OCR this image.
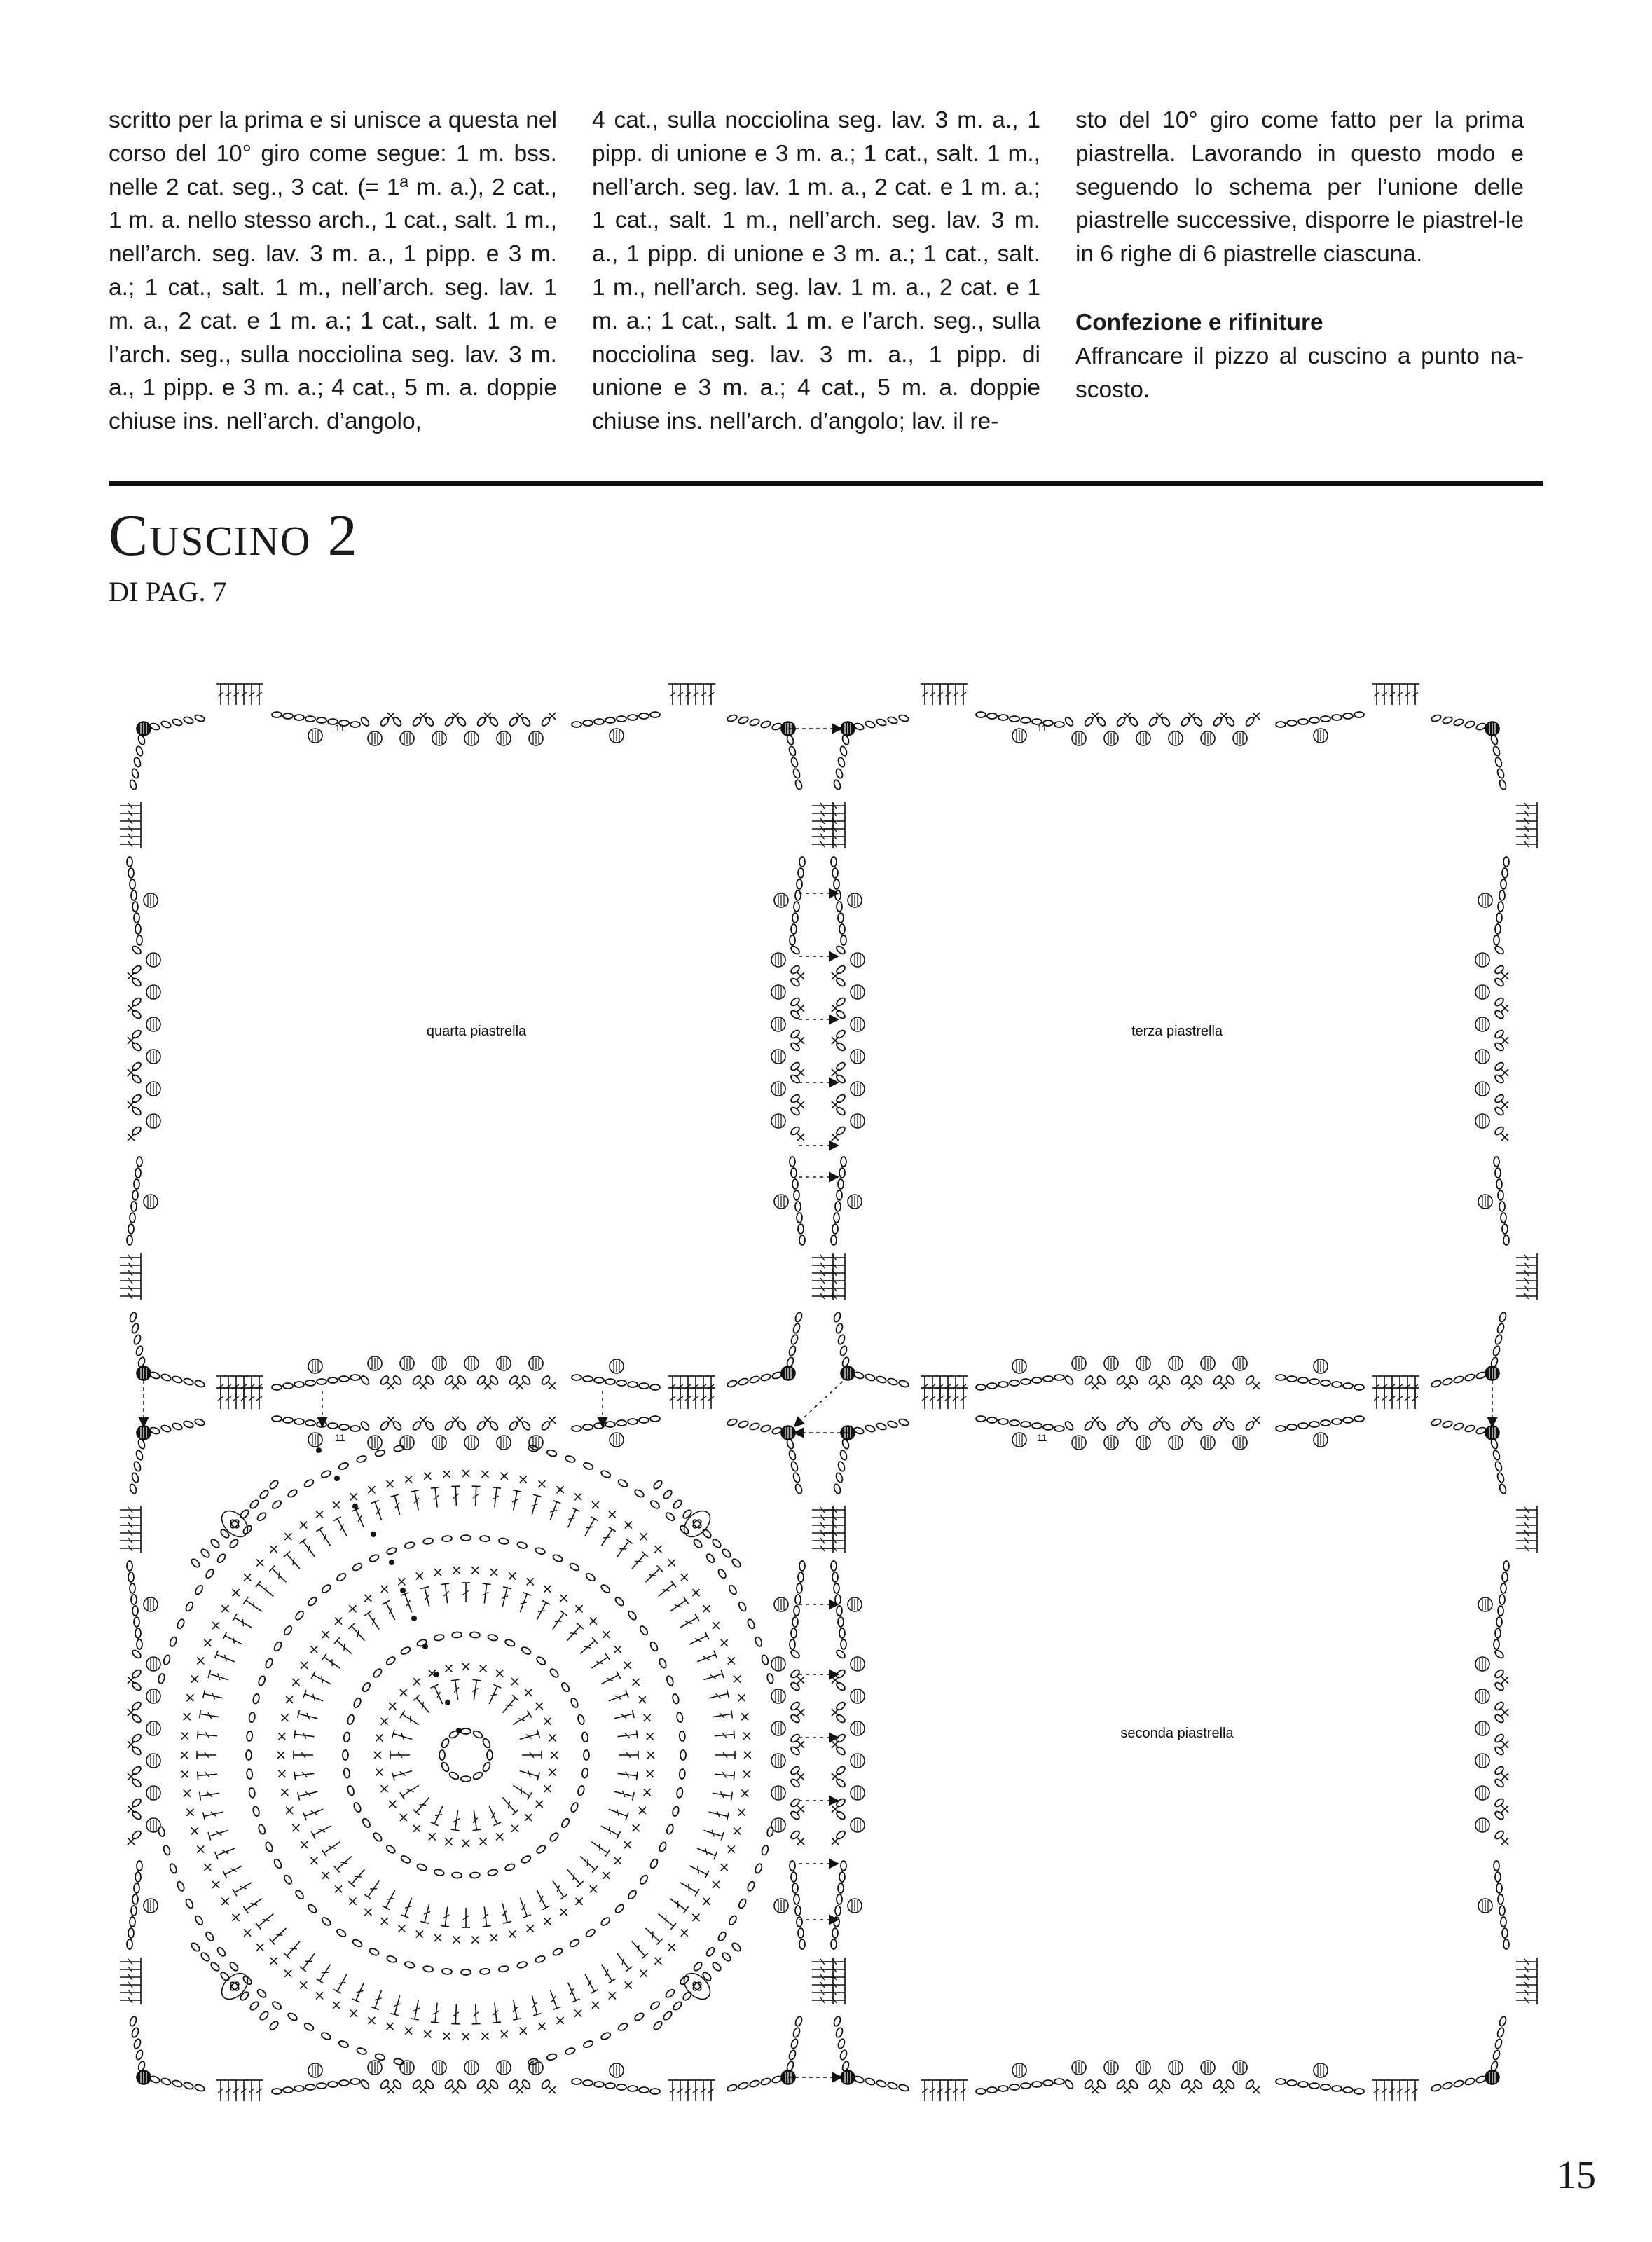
scritto per la prima e si unisce a questa nel corso del 10° giro come segue: 1 m. bss. nelle 2 cat. seg., 3 cat. (= 1ª m. a.), 2 cat., 1 m. a. nello stesso arch., 1 cat., salt. 1 m., nell’arch. seg. lav. 3 m. a., 1 pipp. e 3 m. a.; 1 cat., salt. 1 m., nell’arch. seg. lav. 1 m. a., 2 cat. e 1 m. a.; 1 cat., salt. 1 m. e l’arch. seg., sulla nocciolina seg. lav. 3 m. a., 1 pipp. e 3 m. a.; 4 cat., 5 m. a. doppie chiuse ins. nell’arch. d’angolo,

4 cat., sulla nocciolina seg. lav. 3 m. a., 1 pipp. di unione e 3 m. a.; 1 cat., salt. 1 m., nell’arch. seg. lav. 1 m. a., 2 cat. e 1 m. a.; 1 cat., salt. 1 m., nell’arch. seg. lav. 3 m. a., 1 pipp. di unione e 3 m. a.; 1 cat., salt. 1 m., nell’arch. seg. lav. 1 m. a., 2 cat. e 1 m. a.; 1 cat., salt. 1 m. e l’arch. seg., sulla nocciolina seg. lav. 3 m. a., 1 pipp. di unione e 3 m. a.; 4 cat., 5 m. a. doppie chiuse ins. nell’arch. d’angolo; lav. il re-

sto del 10° giro come fatto per la prima piastrella. Lavorando in questo modo e seguendo lo schema per l’unione delle piastrelle successive, disporre le piastrel-le in 6 righe di 6 piastrelle ciascuna.

Confezione e rifiniture

Affrancare il pizzo al cuscino a punto na-scosto.

Cuscino 2
DI PAG. 7
quarta piastrella	terza piastrella
seconda piastrella
11
11
11
11
15
